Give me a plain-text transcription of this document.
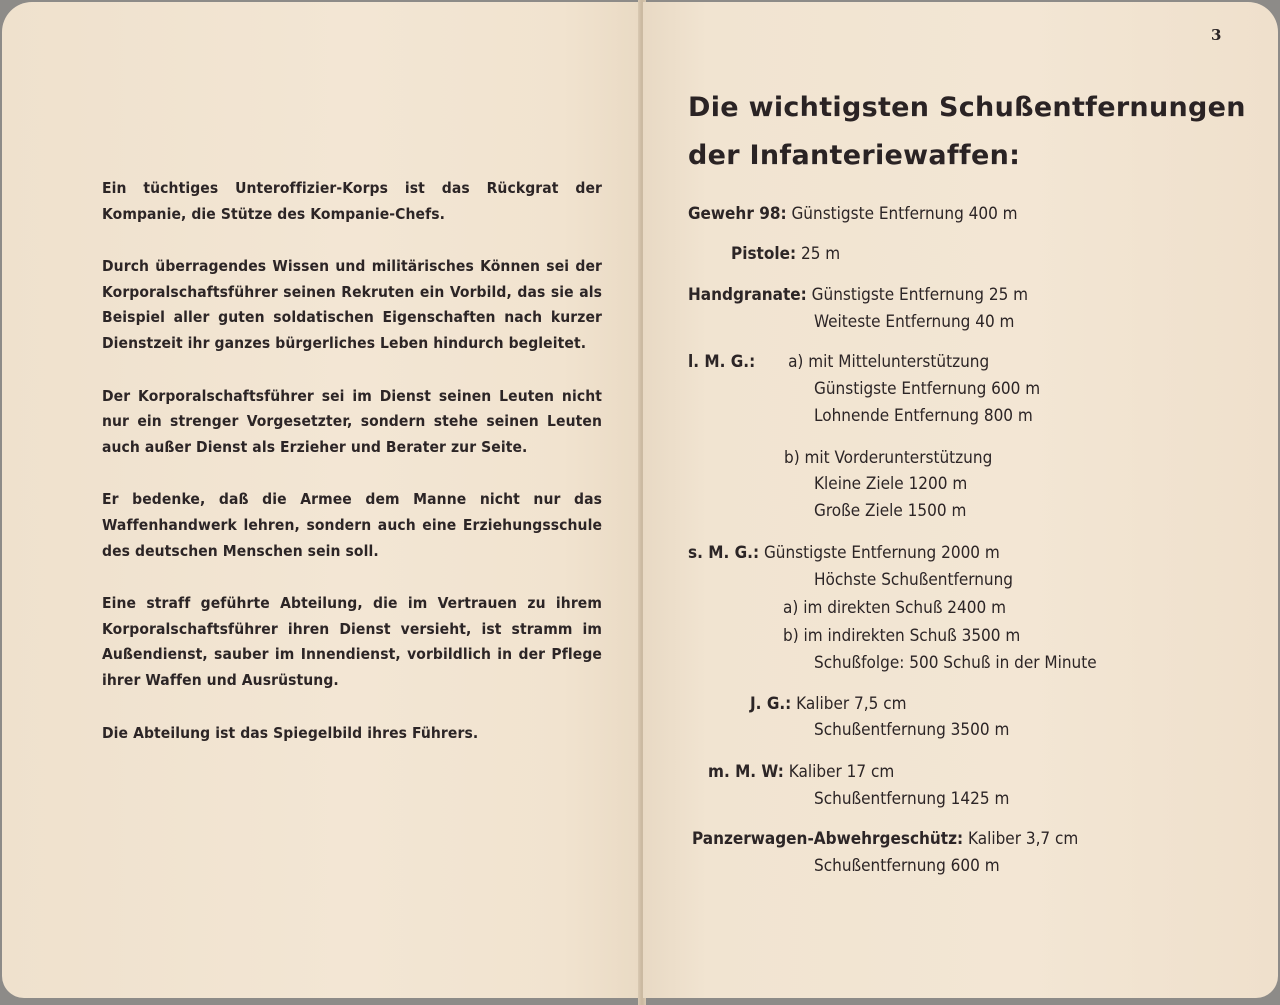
Ein tüchtiges Unteroffizier-Korps ist das Rückgrat der Kompanie, die Stütze des Kompanie-Chefs.

Durch überragendes Wissen und militärisches Können sei der Korporalschaftsführer seinen Rekruten ein Vorbild, das sie als Beispiel aller guten soldatischen Eigenschaften nach kurzer Dienstzeit ihr ganzes bürgerliches Leben hindurch begleitet.

Der Korporalschaftsführer sei im Dienst seinen Leuten nicht nur ein strenger Vorgesetzter, sondern stehe seinen Leuten auch außer Dienst als Erzieher und Berater zur Seite.

Er bedenke, daß die Armee dem Manne nicht nur das Waffenhandwerk lehren, sondern auch eine Erziehungsschule des deutschen Menschen sein soll.

Eine straff geführte Abteilung, die im Vertrauen zu ihrem Korporalschaftsführer ihren Dienst versieht, ist stramm im Außendienst, sauber im Innendienst, vorbildlich in der Pflege ihrer Waffen und Ausrüstung.

Die Abteilung ist das Spiegelbild ihres Führers.

3
Die wichtigsten Schußentfernungen
der Infanteriewaffen:
Gewehr 98: Günstigste Entfernung 400 m
Pistole: 25 m
Handgranate: Günstigste Entfernung 25 m
Weiteste Entfernung 40 m
l. M. G.: a) mit Mittelunterstützung
Günstigste Entfernung 600 m
Lohnende Entfernung 800 m
b) mit Vorderunterstützung
Kleine Ziele 1200 m
Große Ziele 1500 m
s. M. G.: Günstigste Entfernung 2000 m
Höchste Schußentfernung
a) im direkten Schuß 2400 m
b) im indirekten Schuß 3500 m
Schußfolge: 500 Schuß in der Minute
J. G.: Kaliber 7,5 cm
Schußentfernung 3500 m
m. M. W: Kaliber 17 cm
Schußentfernung 1425 m
Panzerwagen-Abwehrgeschütz: Kaliber 3,7 cm
Schußentfernung 600 m
